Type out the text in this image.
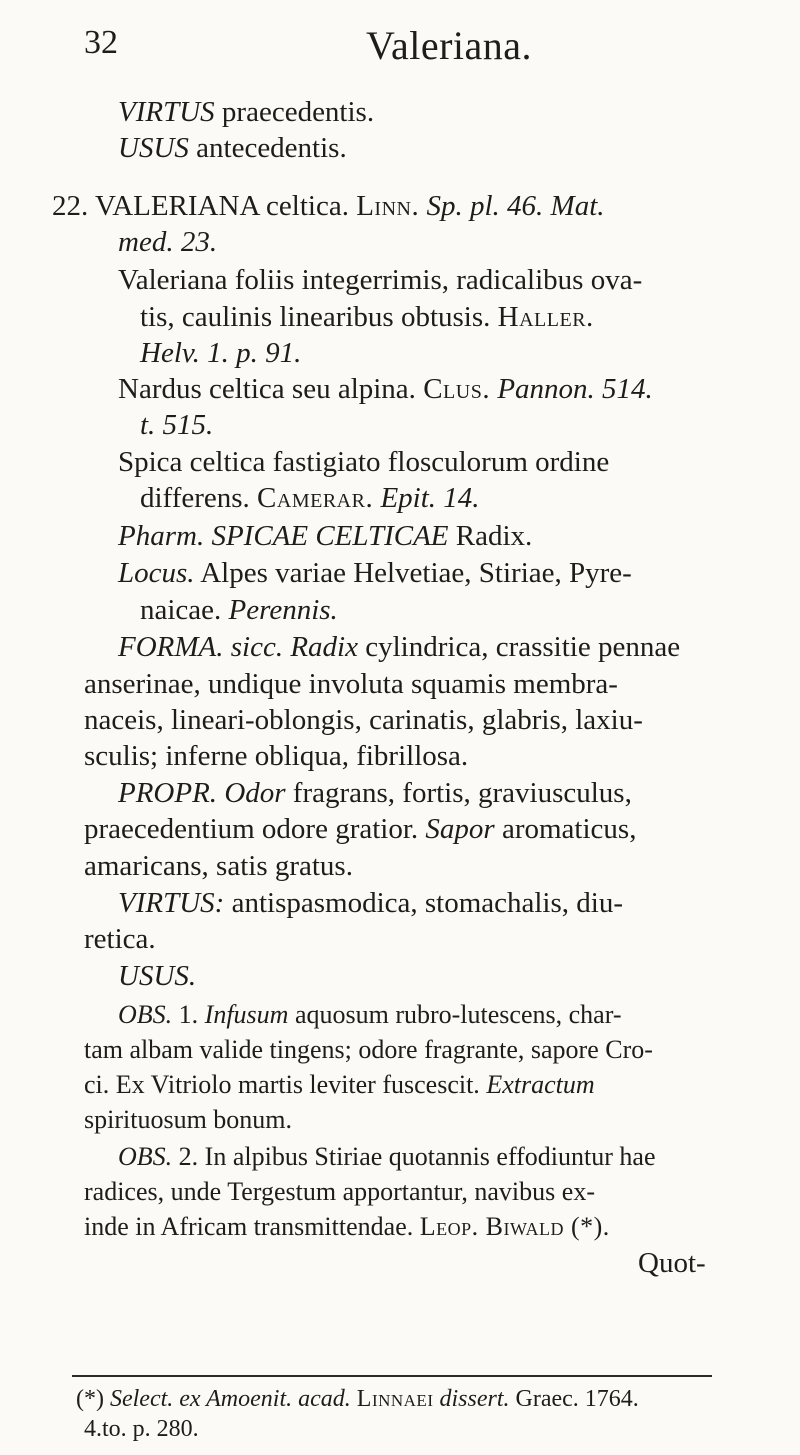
32	Valeriana.
VIRTUS praecedentis.
USUS antecedentis.
22. VALERIANA celtica. Linn. Sp. pl. 46. Mat.
med. 23.
Valeriana foliis integerrimis, radicalibus ova-
tis, caulinis linearibus obtusis. Haller.
Helv. 1. p. 91.
Nardus celtica seu alpina. Clus. Pannon. 514.
t. 515.
Spica celtica fastigiato flosculorum ordine
differens. Camerar. Epit. 14.
Pharm. SPICAE CELTICAE Radix.
Locus. Alpes variae Helvetiae, Stiriae, Pyre-
naicae. Perennis.
FORMA. sicc. Radix cylindrica, crassitie pennae
anserinae, undique involuta squamis membra-
naceis, lineari-oblongis, carinatis, glabris, laxiu-
sculis; inferne obliqua, fibrillosa.
PROPR. Odor fragrans, fortis, graviusculus,
praecedentium odore gratior. Sapor aromaticus,
amaricans, satis gratus.
VIRTUS: antispasmodica, stomachalis, diu-
retica.
USUS.
OBS. 1. Infusum aquosum rubro-lutescens, char-
tam albam valide tingens; odore fragrante, sapore Cro-
ci. Ex Vitriolo martis leviter fuscescit. Extractum
spirituosum bonum.
OBS. 2. In alpibus Stiriae quotannis effodiuntur hae
radices, unde Tergestum apportantur, navibus ex-
inde in Africam transmittendae. Leop. Biwald (*).
Quot-
(*) Select. ex Amoenit. acad. Linnaei dissert. Graec. 1764.
4.to. p. 280.
